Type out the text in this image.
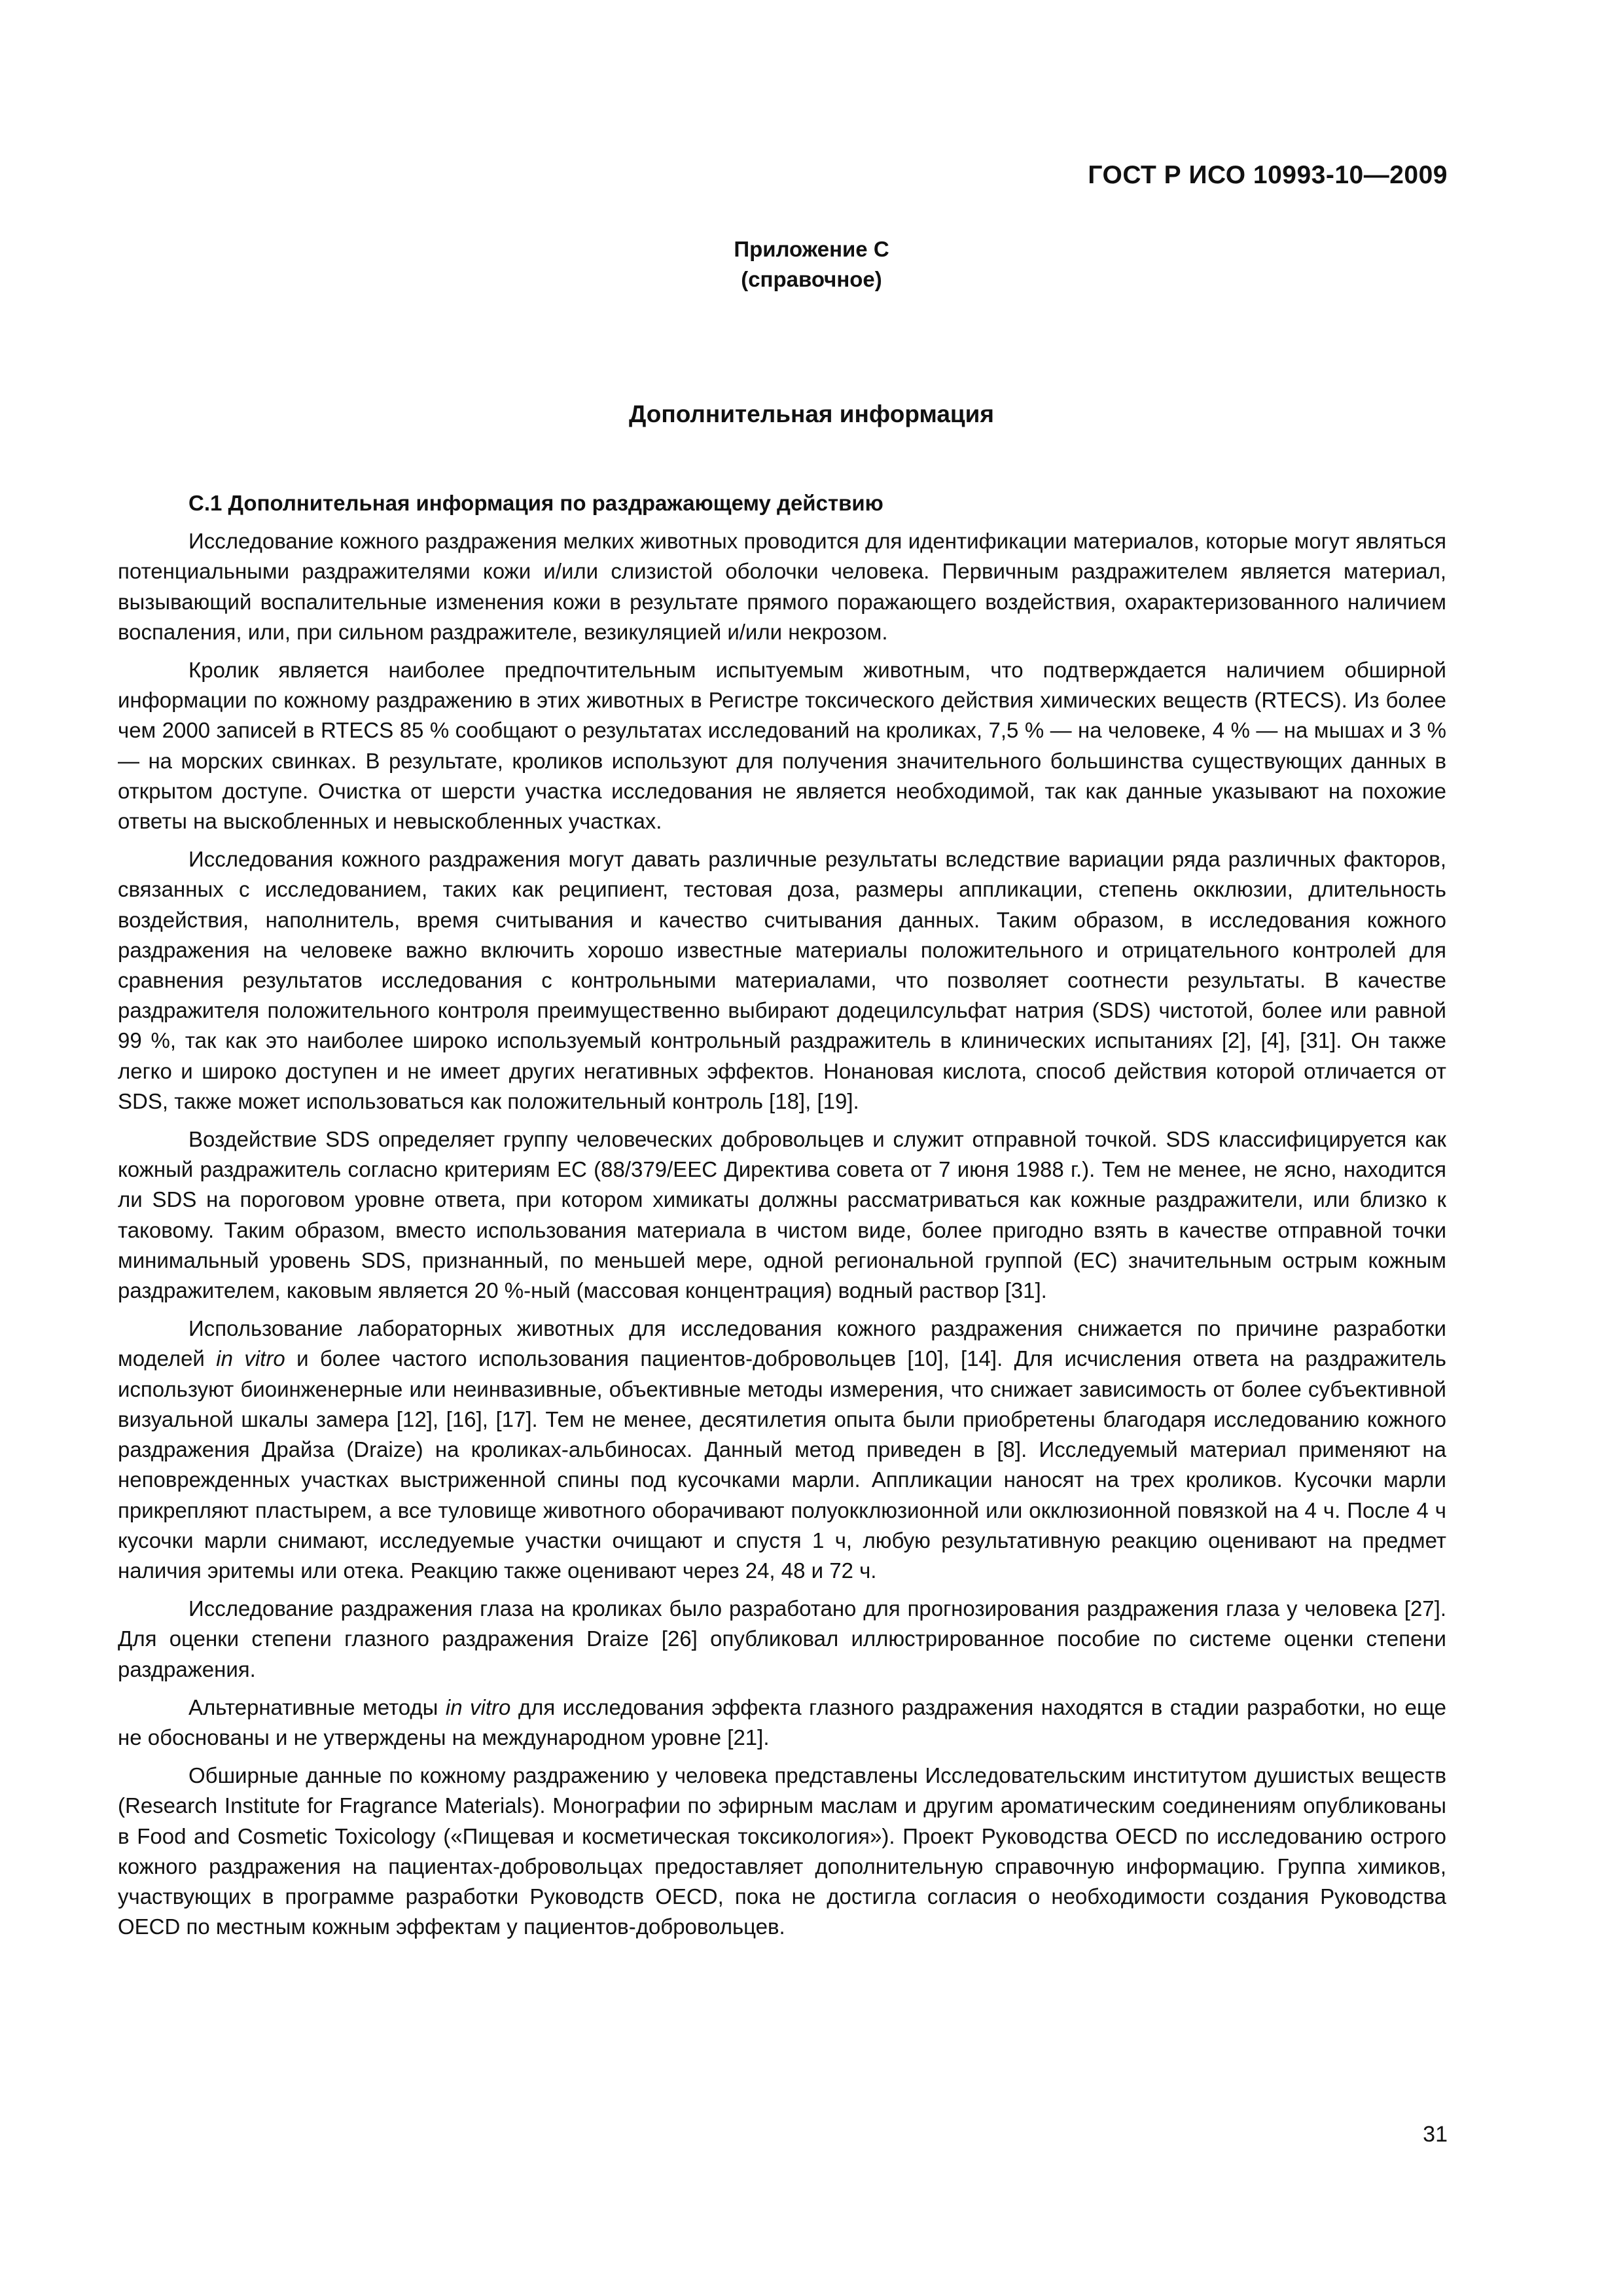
ГОСТ Р ИСО 10993-10—2009
Приложение С
(справочное)
Дополнительная информация
С.1 Дополнительная информация по раздражающему действию

Исследование кожного раздражения мелких животных проводится для идентификации материалов, которые могут являться потенциальными раздражителями кожи и/или слизистой оболочки человека. Первичным раздражителем является материал, вызывающий воспалительные изменения кожи в результате прямого поражающего воздействия, охарактеризованного наличием воспаления, или, при сильном раздражителе, везикуляцией и/или некрозом.

Кролик является наиболее предпочтительным испытуемым животным, что подтверждается наличием обширной информации по кожному раздражению в этих животных в Регистре токсического действия химических веществ (RTECS). Из более чем 2000 записей в RTECS 85 % сообщают о результатах исследований на кроликах, 7,5 % — на человеке, 4 % — на мышах и 3 % — на морских свинках. В результате, кроликов используют для получения значительного большинства существующих данных в открытом доступе. Очистка от шерсти участка исследования не является необходимой, так как данные указывают на похожие ответы на выскобленных и невыскобленных участках.

Исследования кожного раздражения могут давать различные результаты вследствие вариации ряда различных факторов, связанных с исследованием, таких как реципиент, тестовая доза, размеры аппликации, степень окклюзии, длительность воздействия, наполнитель, время считывания и качество считывания данных. Таким образом, в исследования кожного раздражения на человеке важно включить хорошо известные материалы положительного и отрицательного контролей для сравнения результатов исследования с контрольными материалами, что позволяет соотнести результаты. В качестве раздражителя положительного контроля преимущественно выбирают додецилсульфат натрия (SDS) чистотой, более или равной 99 %, так как это наиболее широко используемый контрольный раздражитель в клинических испытаниях [2], [4], [31]. Он также легко и широко доступен и не имеет других негативных эффектов. Нонановая кислота, способ действия которой отличается от SDS, также может использоваться как положительный контроль [18], [19].

Воздействие SDS определяет группу человеческих добровольцев и служит отправной точкой. SDS классифицируется как кожный раздражитель согласно критериям ЕС (88/379/EEC Директива совета от 7 июня 1988 г.). Тем не менее, не ясно, находится ли SDS на пороговом уровне ответа, при котором химикаты должны рассматриваться как кожные раздражители, или близко к таковому. Таким образом, вместо использования материала в чистом виде, более пригодно взять в качестве отправной точки минимальный уровень SDS, признанный, по меньшей мере, одной региональной группой (ЕС) значительным острым кожным раздражителем, каковым является 20 %-ный (массовая концентрация) водный раствор [31].

Использование лабораторных животных для исследования кожного раздражения снижается по причине разработки моделей in vitro и более частого использования пациентов-добровольцев [10], [14]. Для исчисления ответа на раздражитель используют биоинженерные или неинвазивные, объективные методы измерения, что снижает зависимость от более субъективной визуальной шкалы замера [12], [16], [17]. Тем не менее, десятилетия опыта были приобретены благодаря исследованию кожного раздражения Драйза (Draize) на кроликах-альбиносах. Данный метод приведен в [8]. Исследуемый материал применяют на неповрежденных участках выстриженной спины под кусочками марли. Аппликации наносят на трех кроликов. Кусочки марли прикрепляют пластырем, а все туловище животного оборачивают полуокклюзионной или окклюзионной повязкой на 4 ч. После 4 ч кусочки марли снимают, исследуемые участки очищают и спустя 1 ч, любую результативную реакцию оценивают на предмет наличия эритемы или отека. Реакцию также оценивают через 24, 48 и 72 ч.

Исследование раздражения глаза на кроликах было разработано для прогнозирования раздражения глаза у человека [27]. Для оценки степени глазного раздражения Draize [26] опубликовал иллюстрированное пособие по системе оценки степени раздражения.

Альтернативные методы in vitro для исследования эффекта глазного раздражения находятся в стадии разработки, но еще не обоснованы и не утверждены на международном уровне [21].

Обширные данные по кожному раздражению у человека представлены Исследовательским институтом душистых веществ (Research Institute for Fragrance Materials). Монографии по эфирным маслам и другим ароматическим соединениям опубликованы в Food and Cosmetic Toxicology («Пищевая и косметическая токсикология»). Проект Руководства OECD по исследованию острого кожного раздражения на пациентах-добровольцах предоставляет дополнительную справочную информацию. Группа химиков, участвующих в программе разработки Руководств OECD, пока не достигла согласия о необходимости создания Руководства OECD по местным кожным эффектам у пациентов-добровольцев.

31
